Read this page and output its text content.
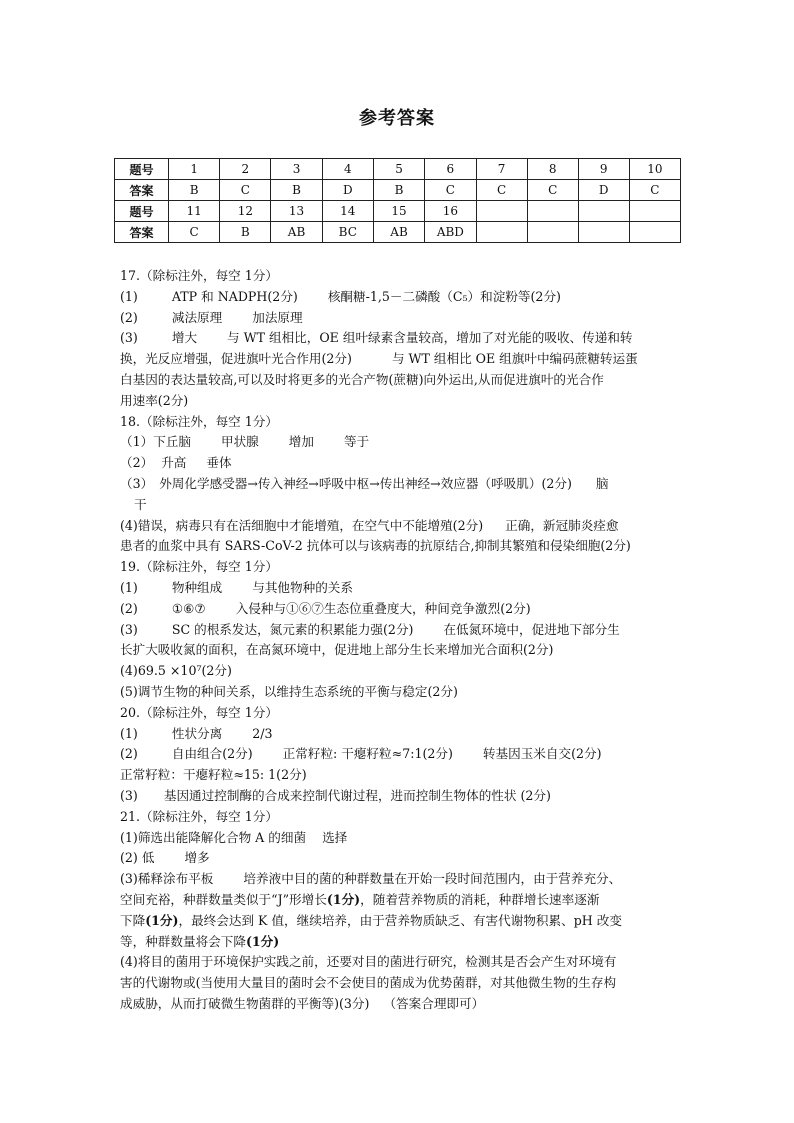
参考答案
题号	1	2	3	4	5	6	7	8	9	10
答案	B	C	B	D	B	C	C	C	D	C
题号	11	12	13	14	15	16				
答案	C	B	AB	BC	AB	ABD				
17.（除标注外，每空 1分）
(1)	ATP 和 NADPH(2分) 核酮糖-1,5－二磷酸（C₅）和淀粉等(2分)
(2)	减法原理 加法原理
(3)	增大 与 WT 组相比，OE 组叶绿素含量较高，增加了对光能的吸收、传递和转
换，光反应增强，促进旗叶光合作用(2分)	与 WT 组相比 OE 组旗叶中编码蔗糖转运蛋
白基因的表达量较高,可以及时将更多的光合产物(蔗糖)向外运出,从而促进旗叶的光合作
用速率(2分)
18.（除标注外，每空 1分）
（1）下丘脑 甲状腺 增加 等于
（2） 升高 垂体
（3） 外周化学感受器→传入神经→呼吸中枢→传出神经→效应器（呼吸肌）(2分) 脑
干
(4)错误，病毒只有在活细胞中才能增殖，在空气中不能增殖(2分) 正确，新冠肺炎痊愈
患者的血浆中具有 SARS-CoV-2 抗体可以与该病毒的抗原结合,抑制其繁殖和侵染细胞(2分)
19.（除标注外，每空 1分）
(1)	物种组成 与其他物种的关系
(2)	①⑥⑦ 入侵种与①⑥⑦生态位重叠度大，种间竞争激烈(2分)
(3)	SC 的根系发达，氮元素的积累能力强(2分) 在低氮环境中，促进地下部分生
长扩大吸收氮的面积，在高氮环境中，促进地上部分生长来增加光合面积(2分)
(4)69.5 ×10⁷(2分)
(5)调节生物的种间关系，以维持生态系统的平衡与稳定(2分)
20.（除标注外，每空 1分）
(1)	性状分离 2/3
(2)	自由组合(2分) 正常籽粒: 干瘪籽粒≈7:1(2分) 转基因玉米自交(2分)
正常籽粒：干瘪籽粒≈15: 1(2分)
(3) 基因通过控制酶的合成来控制代谢过程，进而控制生物体的性状 (2分)
21.（除标注外，每空 1分）
(1)筛选出能降解化合物 A 的细菌 选择
(2) 低 增多
(3)稀释涂布平板 培养液中目的菌的种群数量在开始一段时间范围内，由于营养充分、
空间充裕，种群数量类似于“J”形增长(1分)，随着营养物质的消耗，种群增长速率逐渐
下降(1分)，最终会达到 K 值，继续培养，由于营养物质缺乏、有害代谢物积累、pH 改变
等，种群数量将会下降(1分)
(4)将目的菌用于环境保护实践之前，还要对目的菌进行研究，检测其是否会产生对环境有
害的代谢物或(当使用大量目的菌时会不会使目的菌成为优势菌群，对其他微生物的生存构
成威胁，从而打破微生物菌群的平衡等)(3分) （答案合理即可）
